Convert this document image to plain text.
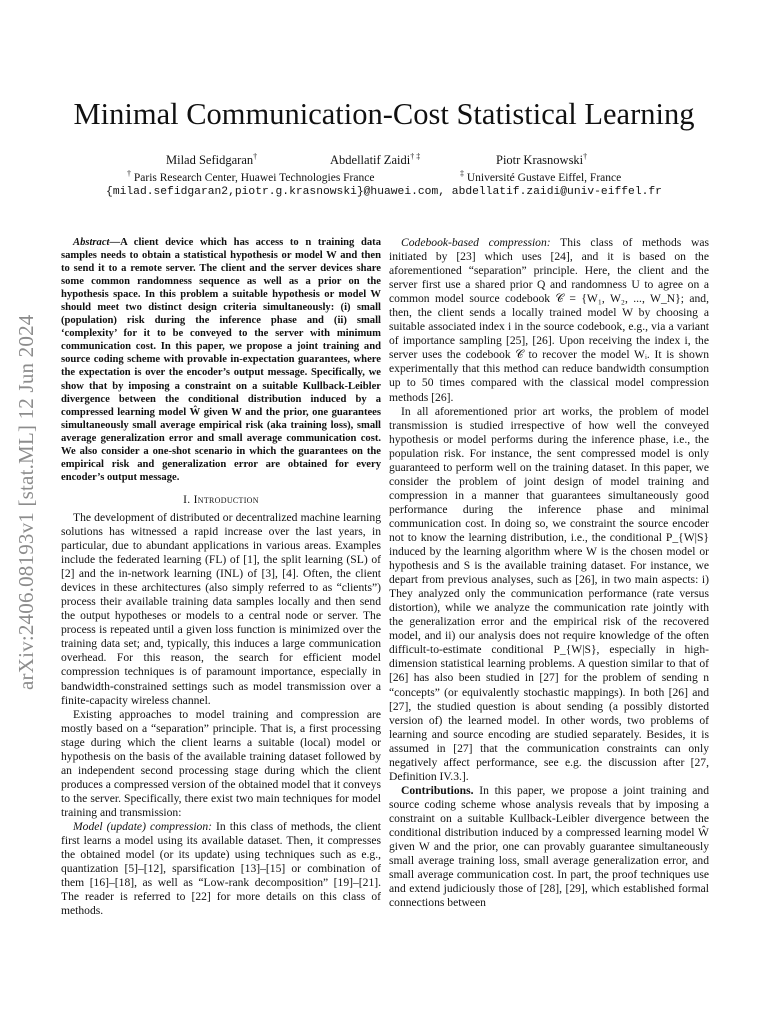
arXiv:2406.08193v1 [stat.ML] 12 Jun 2024
Minimal Communication-Cost Statistical Learning
Milad Sefidgaran†	Abdellatif Zaidi† ‡	Piotr Krasnowski†
† Paris Research Center, Huawei Technologies France	‡ Université Gustave Eiffel, France
{milad.sefidgaran2,piotr.g.krasnowski}@huawei.com, abdellatif.zaidi@univ-eiffel.fr

Abstract—A client device which has access to n training data samples needs to obtain a statistical hypothesis or model W and then to send it to a remote server. The client and the server devices share some common randomness sequence as well as a prior on the hypothesis space. In this problem a suitable hypothesis or model W should meet two distinct design criteria simultaneously: (i) small (population) risk during the inference phase and (ii) small ‘complexity’ for it to be conveyed to the server with minimum communication cost. In this paper, we propose a joint training and source coding scheme with provable in-expectation guarantees, where the expectation is over the encoder’s output message. Specifically, we show that by imposing a constraint on a suitable Kullback-Leibler divergence between the conditional distribution induced by a compressed learning model Ŵ given W and the prior, one guarantees simultaneously small average empirical risk (aka training loss), small average generalization error and small average communication cost. We also consider a one-shot scenario in which the guarantees on the empirical risk and generalization error are obtained for every encoder’s output message.

I. Introduction

The development of distributed or decentralized machine learning solutions has witnessed a rapid increase over the last years, in particular, due to abundant applications in various areas. Examples include the federated learning (FL) of [1], the split learning (SL) of [2] and the in-network learning (INL) of [3], [4]. Often, the client devices in these architectures (also simply referred to as “clients”) process their available training data samples locally and then send the output hypotheses or models to a central node or server. The process is repeated until a given loss function is minimized over the training data set; and, typically, this induces a large communication overhead. For this reason, the search for efficient model compression techniques is of paramount importance, especially in bandwidth-constrained settings such as model transmission over a finite-capacity wireless channel.

Existing approaches to model training and compression are mostly based on a “separation” principle. That is, a first processing stage during which the client learns a suitable (local) model or hypothesis on the basis of the available training dataset followed by an independent second processing stage during which the client produces a compressed version of the obtained model that it conveys to the server. Specifically, there exist two main techniques for model training and transmission:

Model (update) compression: In this class of methods, the client first learns a model using its available dataset. Then, it compresses the obtained model (or its update) using techniques such as e.g., quantization [5]–[12], sparsification [13]–[15] or combination of them [16]–[18], as well as “Low-rank decomposition” [19]–[21]. The reader is referred to [22] for more details on this class of methods.

Codebook-based compression: This class of methods was initiated by [23] which uses [24], and it is based on the aforementioned “separation” principle. Here, the client and the server first use a shared prior Q and randomness U to agree on a common model source codebook 𝒞 = {W₁, W₂, ..., W_N}; and, then, the client sends a locally trained model W by choosing a suitable associated index i in the source codebook, e.g., via a variant of importance sampling [25], [26]. Upon receiving the index i, the server uses the codebook 𝒞 to recover the model Wᵢ. It is shown experimentally that this method can reduce bandwidth consumption up to 50 times compared with the classical model compression methods [26].

In all aforementioned prior art works, the problem of model transmission is studied irrespective of how well the conveyed hypothesis or model performs during the inference phase, i.e., the population risk. For instance, the sent compressed model is only guaranteed to perform well on the training dataset. In this paper, we consider the problem of joint design of model training and compression in a manner that guarantees simultaneously good performance during the inference phase and minimal communication cost. In doing so, we constraint the source encoder not to know the learning distribution, i.e., the conditional P_{W|S} induced by the learning algorithm where W is the chosen model or hypothesis and S is the available training dataset. For instance, we depart from previous analyses, such as [26], in two main aspects: i) They analyzed only the communication performance (rate versus distortion), while we analyze the communication rate jointly with the generalization error and the empirical risk of the recovered model, and ii) our analysis does not require knowledge of the often difficult-to-estimate conditional P_{W|S}, especially in high-dimension statistical learning problems. A question similar to that of [26] has also been studied in [27] for the problem of sending n “concepts” (or equivalently stochastic mappings). In both [26] and [27], the studied question is about sending (a possibly distorted version of) the learned model. In other words, two problems of learning and source encoding are studied separately. Besides, it is assumed in [27] that the communication constraints can only negatively affect performance, see e.g. the discussion after [27, Definition IV.3.].

Contributions. In this paper, we propose a joint training and source coding scheme whose analysis reveals that by imposing a constraint on a suitable Kullback-Leibler divergence between the conditional distribution induced by a compressed learning model Ŵ given W and the prior, one can provably guarantee simultaneously small average training loss, small average generalization error, and small average communication cost. In part, the proof techniques use and extend judiciously those of [28], [29], which established formal connections between
